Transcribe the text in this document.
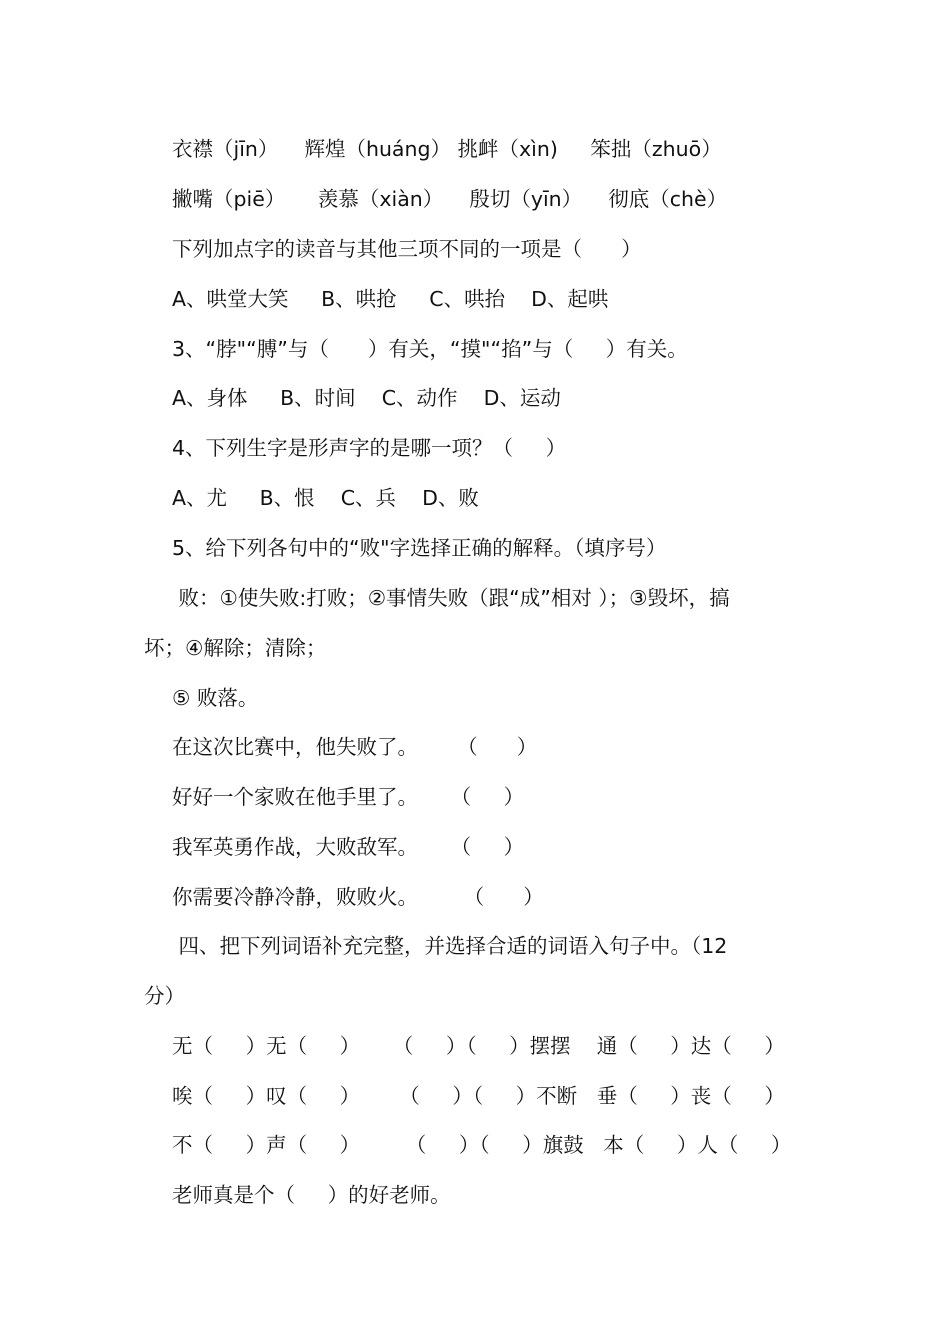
衣襟（jīn）    辉煌（huáng） 挑衅（xìn)     笨拙（zhuō）
撇嘴（piē）     羡慕（xiàn）    殷切（yīn）    彻底（chè）
下列加点字的读音与其他三项不同的一项是（      ）
A、哄堂大笑     B、哄抢     C、哄抬    D、起哄
3、“脖"“膊”与（      ）有关，“摸"“掐”与（     ）有关。
A、身体     B、时间    C、动作    D、运动
4、下列生字是形声字的是哪一项？（     ）
A、尤     B、恨    C、兵    D、败
5、给下列各句中的“败"字选择正确的解释。（填序号）
败：①使失败:打败；②事情失败（跟“成”相对 ）；③毁坏，搞
坏；④解除；清除；
⑤ 败落。
在这次比赛中，他失败了。      （      ）
好好一个家败在他手里了。     （     ）
我军英勇作战，大败敌军。     （     ）
你需要冷静冷静，败败火。       （      ）
四、把下列词语补充完整，并选择合适的词语入句子中。（12
分）
无（     ）无（     ）     （     ）（     ）摆摆    通（     ）达（     ）
唉（     ）叹（     ）      （     ）（     ）不断   垂（     ）丧（     ）
不（     ）声（     ）       （     ）（     ）旗鼓   本（     ）人（     ）
老师真是个（     ）的好老师。
